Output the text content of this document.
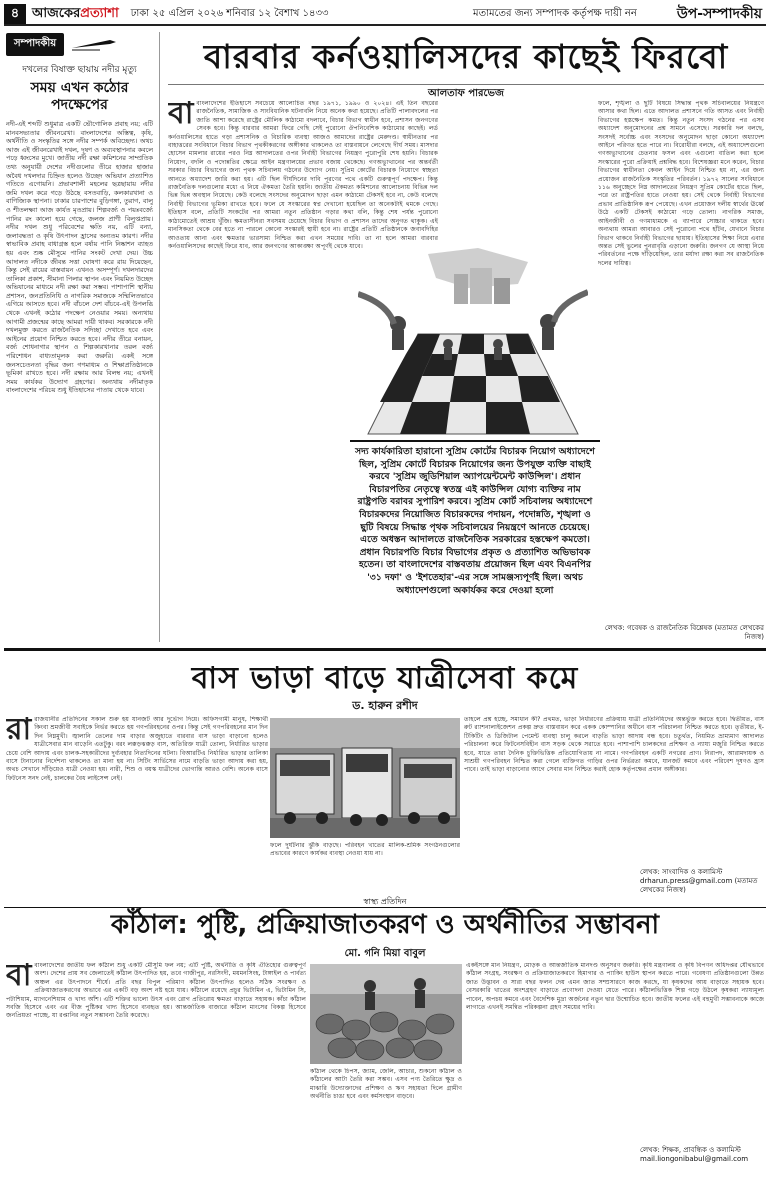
৪ আজকেরপ্রত্যাশা ঢাকা ২৫ এপ্রিল ২০২৬ শনিবার ১২ বৈশাখ ১৪৩৩	মতামতের জন্য সম্পাদক কর্তৃপক্ষ দায়ী নন	উপ-সম্পাদকীয়
সম্পাদকীয়
দখলের বিষাক্ত ছায়ায় নদীর মৃত্যু
সময় এখন কঠোর পদক্ষেপের
নদী-এই শব্দটি শুধুমাত্র একটি ভৌগোলিক প্রবাহ নয়; এটি মানবসভ্যতার জীবনরেখা। বাংলাদেশের অস্তিত্ব, কৃষি, অর্থনীতি ও সংস্কৃতির সঙ্গে নদীর সম্পর্ক অবিচ্ছেদ্য। অথচ আজ এই জীবনরেখাই দখল, দূষণ ও অব্যবস্থাপনার কবলে পড়ে ধ্বংসের মুখে। জাতীয় নদী রক্ষা কমিশনের সাম্প্রতিক তথ্য অনুযায়ী দেশের নদীগুলোর তীরে হাজার হাজার অবৈধ দখলদার চিহ্নিত হলেও উচ্ছেদ অভিযান প্রত্যাশিত গতিতে এগোয়নি। প্রভাবশালী মহলের ছত্রছায়ায় নদীর জমি দখল করে গড়ে উঠছে বসতবাড়ি, কলকারখানা ও বাণিজ্যিক স্থাপনা। ঢাকার চারপাশের বুড়িগঙ্গা, তুরাগ, বালু ও শীতলক্ষ্যা আজ কার্যত মৃতপ্রায়। শিল্পবর্জ্য ও পয়ঃবর্জ্যে পানির রং কালো হয়ে গেছে, জলজ প্রাণী বিলুপ্তপ্রায়। নদীর দখল শুধু পরিবেশের ক্ষতি নয়, এটি বন্যা, জলাবদ্ধতা ও কৃষি উৎপাদন হ্রাসের অন্যতম কারণ। নদীর স্বাভাবিক প্রবাহ বাধাগ্রস্ত হলে বর্ষায় পানি নিষ্কাশন ব্যাহত হয় এবং শুষ্ক মৌসুমে পানির সংকট দেখা দেয়। উচ্চ আদালত নদীকে জীবন্ত সত্তা ঘোষণা করে রায় দিয়েছেন, কিন্তু সেই রায়ের বাস্তবায়ন এখনও অসম্পূর্ণ। দখলদারদের তালিকা প্রকাশ, সীমানা পিলার স্থাপন এবং নিয়মিত উচ্ছেদ অভিযানের মাধ্যমে নদী রক্ষা করা সম্ভব। পাশাপাশি স্থানীয় প্রশাসন, জনপ্রতিনিধি ও নাগরিক সমাজকে সম্মিলিতভাবে এগিয়ে আসতে হবে। নদী বাঁচলে দেশ বাঁচবে-এই উপলব্ধি থেকে এখনই কঠোর পদক্ষেপ নেওয়ার সময়। অন্যথায় আগামী প্রজন্মের কাছে আমরা দায়ী থাকব। সরকারকে নদী দখলমুক্ত করতে রাজনৈতিক সদিচ্ছা দেখাতে হবে এবং আইনের প্রয়োগ নিশ্চিত করতে হবে। নদীর তীরে বনায়ন, বর্জ্য শোধনাগার স্থাপন ও শিল্পকারখানার তরল বর্জ্য পরিশোধন বাধ্যতামূলক করা জরুরি। একই সঙ্গে জনসচেতনতা বৃদ্ধির জন্য গণমাধ্যম ও শিক্ষাপ্রতিষ্ঠানকে ভূমিকা রাখতে হবে। নদী রক্ষায় আর বিলম্ব নয়; এখনই সময় কার্যকর উদ্যোগ গ্রহণের। অন্যথায় নদীমাতৃক বাংলাদেশের পরিচয় শুধু ইতিহাসের পাতায় থেকে যাবে।
বারবার কর্নওয়ালিসদের কাছেই ফিরবো
আলতাফ পারভেজ
বাবাংলাদেশের ইতিহাসে সবচেয়ে আলোচিত বছর ১৯৭১, ১৯৯০ ও ২০২৪। এই তিন বছরের রাজনৈতিক, সামাজিক ও সাংবিধানিক ঘটনাবলি নিয়ে অনেক কথা হয়েছে। প্রতিটি পালাবদলের পর জাতি আশা করেছে রাষ্ট্রের মৌলিক কাঠামো বদলাবে, বিচার বিভাগ স্বাধীন হবে, প্রশাসন জনগণের সেবক হবে। কিন্তু বারবার আমরা ফিরে গেছি সেই পুরোনো ঔপনিবেশিক কাঠামোর কাছেই। লর্ড কর্নওয়ালিসের হাতে গড়া প্রশাসনিক ও বিচারিক ব্যবস্থা আজও আমাদের রাষ্ট্রের মেরুদণ্ড। স্বাধীনতার পর বাহাত্তরের সংবিধানে বিচার বিভাগ পৃথকীকরণের অঙ্গীকার থাকলেও তা বাস্তবায়নে লেগেছে দীর্ঘ সময়। মাসদার হোসেন মামলার রায়ের পরও নিম্ন আদালতের ওপর নির্বাহী বিভাগের নিয়ন্ত্রণ পুরোপুরি শেষ হয়নি। বিচারক নিয়োগ, বদলি ও পদোন্নতির ক্ষেত্রে আইন মন্ত্রণালয়ের প্রভাব বজায় থেকেছে। গণঅভ্যুত্থানের পর অন্তর্বর্তী সরকার বিচার বিভাগের জন্য পৃথক সচিবালয় গঠনের উদ্যোগ নেয়। সুপ্রিম কোর্টের বিচারক নিয়োগে স্বচ্ছতা আনতে অধ্যাদেশ জারি করা হয়। এটি ছিল দীর্ঘদিনের দাবি পূরণের পথে একটি গুরুত্বপূর্ণ পদক্ষেপ। কিন্তু রাজনৈতিক দলগুলোর মধ্যে এ নিয়ে ঐকমত্য তৈরি হয়নি। জাতীয় ঐকমত্য কমিশনের আলোচনায় বিভিন্ন দল ভিন্ন ভিন্ন অবস্থান নিয়েছে। কেউ বলেছে সংসদের অনুমোদন ছাড়া এমন কাঠামো টেকসই হবে না, কেউ বলেছে নির্বাহী বিভাগের ভূমিকা রাখতে হবে। ফলে যে সংস্কারের স্বপ্ন দেখানো হয়েছিল তা অনেকটাই থমকে গেছে। ইতিহাস বলে, প্রতিটি সংকটের পর আমরা নতুন প্রতিষ্ঠান গড়ার কথা বলি, কিন্তু শেষ পর্যন্ত পুরোনো কাঠামোতেই আশ্রয় খুঁজি। ক্ষমতাসীনরা সবসময় চেয়েছে বিচার বিভাগ ও প্রশাসন তাদের অনুগত থাকুক। এই মানসিকতা থেকে বের হতে না পারলে কোনো সংস্কারই স্থায়ী হবে না। রাষ্ট্রের প্রতিটি প্রতিষ্ঠানকে জবাবদিহির আওতায় আনা এবং ক্ষমতার ভারসাম্য নিশ্চিত করা এখন সময়ের দাবি। তা না হলে আমরা বারবার কর্নওয়ালিসদের কাছেই ফিরে যাব, আর জনগণের আকাঙ্ক্ষা অপূর্ণই থেকে যাবে।
সদ্য কার্যকারিতা হারানো সুপ্রিম কোর্টের বিচারক নিয়োগ অধ্যাদেশে ছিল, সুপ্রিম কোর্টে বিচারক নিয়োগের জন্য উপযুক্ত ব্যক্তি বাছাই করবে 'সুপ্রিম জুডিশিয়াল অ্যাপয়েন্টমেন্ট কাউন্সিল'। প্রধান বিচারপতির নেতৃত্বে স্বতন্ত্র এই কাউন্সিল যোগ্য ব্যক্তির নাম রাষ্ট্রপতি বরাবর সুপারিশ করবে। সুপ্রিম কোর্ট সচিবালয় অধ্যাদেশে বিচারকদের নিয়োজিত বিচারকদের পদায়ন, পদোন্নতি, শৃঙ্খলা ও ছুটি বিষয়ে সিদ্ধান্ত পৃথক সচিবালয়ের নিয়ন্ত্রণে আনতে চেয়েছে। এতে অধস্তন আদালতে রাজনৈতিক সরকারের হস্তক্ষেপ কমতো। প্রধান বিচারপতি বিচার বিভাগের প্রকৃত ও প্রত্যাশিত অভিভাবক হতেন। তা বাংলাদেশের বাস্তবতায় প্রয়োজন ছিল এবং বিএনপির '৩১ দফা' ও 'ইশতেহার'-এর সঙ্গে সামঞ্জস্যপূর্ণই ছিল। অথচ অধ্যাদেশগুলো অকার্যকর করে দেওয়া হলো
ফলে, শৃঙ্খলা ও ছুটি বিষয়ে সিদ্ধান্ত পৃথক সচিবালয়ের নিয়ন্ত্রণে আসার কথা ছিল। এতে আদালত প্রশাসনে গতি আসত এবং নির্বাহী বিভাগের হস্তক্ষেপ কমত। কিন্তু নতুন সংসদ গঠনের পর এসব অধ্যাদেশ অনুমোদনের প্রশ্ন সামনে এসেছে। সরকারি দল বলছে, সংসদই সর্বোচ্চ এবং সংসদের অনুমোদন ছাড়া কোনো অধ্যাদেশ আইনে পরিণত হতে পারে না। বিরোধীরা বলছে, এই অধ্যাদেশগুলো গণঅভ্যুত্থানের চেতনার ফসল এবং এগুলো বাতিল করা হলে সংস্কারের পুরো প্রক্রিয়াই প্রশ্নবিদ্ধ হবে। বিশেষজ্ঞরা মনে করেন, বিচার বিভাগের স্বাধীনতা কেবল আইন দিয়ে নিশ্চিত হয় না, এর জন্য প্রয়োজন রাজনৈতিক সংস্কৃতির পরিবর্তন। ১৯৭২ সালের সংবিধানে ১১৬ অনুচ্ছেদে নিম্ন আদালতের নিয়ন্ত্রণ সুপ্রিম কোর্টের হাতে ছিল, পরে তা রাষ্ট্রপতির হাতে নেওয়া হয়। সেই থেকে নির্বাহী বিভাগের প্রভাব প্রাতিষ্ঠানিক রূপ পেয়েছে। এখন প্রয়োজন দলীয় স্বার্থের ঊর্ধ্বে উঠে একটি টেকসই কাঠামো গড়ে তোলা। নাগরিক সমাজ, আইনজীবী ও গণমাধ্যমকে এ ব্যাপারে সোচ্চার থাকতে হবে। অন্যথায় আমরা আবারও সেই পুরোনো পথে হাঁটব, যেখানে বিচার বিভাগ থাকবে নির্বাহী বিভাগের ছায়ায়। ইতিহাসের শিক্ষা নিয়ে এবার অন্তত সেই ভুলের পুনরাবৃত্তি এড়ানো জরুরি। জনগণ যে আস্থা নিয়ে পরিবর্তনের পক্ষে দাঁড়িয়েছিল, তার মর্যাদা রক্ষা করা সব রাজনৈতিক দলের দায়িত্ব।
লেখক: গবেষক ও রাজনৈতিক বিশ্লেষক (মতামত লেখকের নিজস্ব)
বাস ভাড়া বাড়ে যাত্রীসেবা কমে
ড. হারুন রশীদ
রারাজধানীর প্রতিদিনের সকাল শুরু হয় যানজট আর দুর্ভোগ দিয়ে। অফিসগামী মানুষ, শিক্ষার্থী কিংবা শ্রমজীবী সবাইকে নির্ভর করতে হয় গণপরিবহনের ওপর। কিন্তু সেই গণপরিবহনের মান দিন দিন নিম্নমুখী। জ্বালানি তেলের দাম বাড়ার অজুহাতে বারবার বাস ভাড়া বাড়ানো হলেও যাত্রীসেবার মান বাড়েনি এতটুকু। বরং লক্কড়ঝক্কড় বাস, অতিরিক্ত যাত্রী তোলা, নির্ধারিত ভাড়ার চেয়ে বেশি আদায় এবং চালক-সহকারীদের দুর্ব্যবহার নিত্যদিনের ঘটনা। বিআরটিএ নির্ধারিত ভাড়ার তালিকা বাসে টানানোর নির্দেশনা থাকলেও তা মানা হয় না। সিটিং সার্ভিসের নামে বাড়তি ভাড়া আদায় করা হয়, অথচ সেখানে দাঁড়িয়েও যাত্রী নেওয়া হয়। নারী, শিশু ও বয়স্ক যাত্রীদের ভোগান্তি আরও বেশি। অনেক বাসে ফিটনেস সনদ নেই, চালকের বৈধ লাইসেন্স নেই।
ফলে দুর্ঘটনার ঝুঁকি বাড়ছে। পরিবহন খাতের মালিক-শ্রমিক সংগঠনগুলোর প্রভাবের কারণে কার্যকর ব্যবস্থা নেওয়া যায় না।
তাহলে প্রশ্ন হচ্ছে, সমাধান কী? প্রথমত, ভাড়া নির্ধারণের প্রক্রিয়ায় যাত্রী প্রতিনিধিদের অন্তর্ভুক্ত করতে হবে। দ্বিতীয়ত, বাস রুট র‌্যাশনালাইজেশন প্রকল্প দ্রুত বাস্তবায়ন করে একক কোম্পানির অধীনে বাস পরিচালনা নিশ্চিত করতে হবে। তৃতীয়ত, ই-টিকিটিং ও ডিজিটাল পেমেন্ট ব্যবস্থা চালু করলে বাড়তি ভাড়া আদায় বন্ধ হবে। চতুর্থত, নিয়মিত ভ্রাম্যমাণ আদালত পরিচালনা করে ফিটনেসবিহীন বাস সড়ক থেকে সরাতে হবে। পাশাপাশি চালকদের প্রশিক্ষণ ও ন্যায্য মজুরি নিশ্চিত করতে হবে, যাতে তারা দৈনিক চুক্তিভিত্তিক প্রতিযোগিতায় না নামে। গণপরিবহন একটি নগরের প্রাণ। নিরাপদ, আরামদায়ক ও সাশ্রয়ী গণপরিবহন নিশ্চিত করা গেলে ব্যক্তিগত গাড়ির ওপর নির্ভরতা কমবে, যানজট কমবে এবং পরিবেশ দূষণও হ্রাস পাবে। তাই ভাড়া বাড়ানোর আগে সেবার মান নিশ্চিত করাই হোক কর্তৃপক্ষের প্রধান অঙ্গীকার।
লেখক: সাংবাদিক ও কলামিস্ট drharun.press@gmail.com (মতামত লেখকের নিজস্ব)
স্বাস্থ্য প্রতিদিন
কাঁঠাল: পুষ্টি, প্রক্রিয়াজাতকরণ ও অর্থনীতির সম্ভাবনা
মো. গনি মিয়া বাবুল
বাবাংলাদেশের জাতীয় ফল কাঁঠাল শুধু একটি মৌসুমি ফল নয়; এটি পুষ্টি, অর্থনীতি ও কৃষি ঐতিহ্যের গুরুত্বপূর্ণ অংশ। দেশের প্রায় সব জেলাতেই কাঁঠাল উৎপাদিত হয়, তবে গাজীপুর, নরসিংদী, ময়মনসিংহ, টাঙ্গাইল ও পার্বত্য অঞ্চল এর উৎপাদনে শীর্ষে। প্রতি বছর বিপুল পরিমাণ কাঁঠাল উৎপাদিত হলেও সঠিক সংরক্ষণ ও প্রক্রিয়াজাতকরণের অভাবে এর একটি বড় অংশ নষ্ট হয়ে যায়। কাঁঠালে রয়েছে প্রচুর ভিটামিন এ, ভিটামিন সি, পটাশিয়াম, ম্যাগনেশিয়াম ও খাদ্য আঁশ। এটি শক্তির ভালো উৎস এবং রোগ প্রতিরোধ ক্ষমতা বাড়াতে সহায়ক। কাঁচা কাঁঠাল সবজি হিসেবে এবং এর বীজ পুষ্টিকর খাদ্য হিসেবে ব্যবহৃত হয়। আন্তর্জাতিক বাজারে কাঁঠাল মাংসের বিকল্প হিসেবে জনপ্রিয়তা পাচ্ছে, যা রপ্তানির নতুন সম্ভাবনা তৈরি করেছে।
কাঁঠাল থেকে চিপস, জ্যাম, জেলি, আচার, শুকনো কাঁঠাল ও কাঁঠালের আটা তৈরি করা সম্ভব। এসব পণ্য তৈরিতে ক্ষুদ্র ও মাঝারি উদ্যোক্তাদের প্রশিক্ষণ ও ঋণ সহায়তা দিলে গ্রামীণ অর্থনীতি চাঙা হবে এবং কর্মসংস্থান বাড়বে।
একইসঙ্গে মান নিয়ন্ত্রণ, মোড়ক ও আন্তর্জাতিক মানদণ্ড অনুসরণ জরুরি। কৃষি মন্ত্রণালয় ও কৃষি বিপণন অধিদপ্তর যৌথভাবে কাঁঠাল সংগ্রহ, সংরক্ষণ ও প্রক্রিয়াজাতকরণে হিমাগার ও প্যাকিং হাউস স্থাপন করতে পারে। গবেষণা প্রতিষ্ঠানগুলো উন্নত জাত উদ্ভাবন ও সারা বছর ফলন দেয় এমন জাত সম্প্রসারণে কাজ করছে, যা কৃষকদের আয় বাড়াতে সহায়ক হবে। বেসরকারি খাতের অংশগ্রহণ বাড়াতে প্রণোদনা দেওয়া যেতে পারে। কাঁঠালভিত্তিক শিল্প গড়ে উঠলে কৃষকরা ন্যায্যমূল্য পাবেন, অপচয় কমবে এবং বৈদেশিক মুদ্রা অর্জনের নতুন দ্বার উন্মোচিত হবে। জাতীয় ফলের এই বহুমুখী সম্ভাবনাকে কাজে লাগাতে এখনই সমন্বিত পরিকল্পনা গ্রহণ সময়ের দাবি।
লেখক: শিক্ষক, প্রাবন্ধিক ও কলামিস্ট mail.liongonibabul@gmail.com
